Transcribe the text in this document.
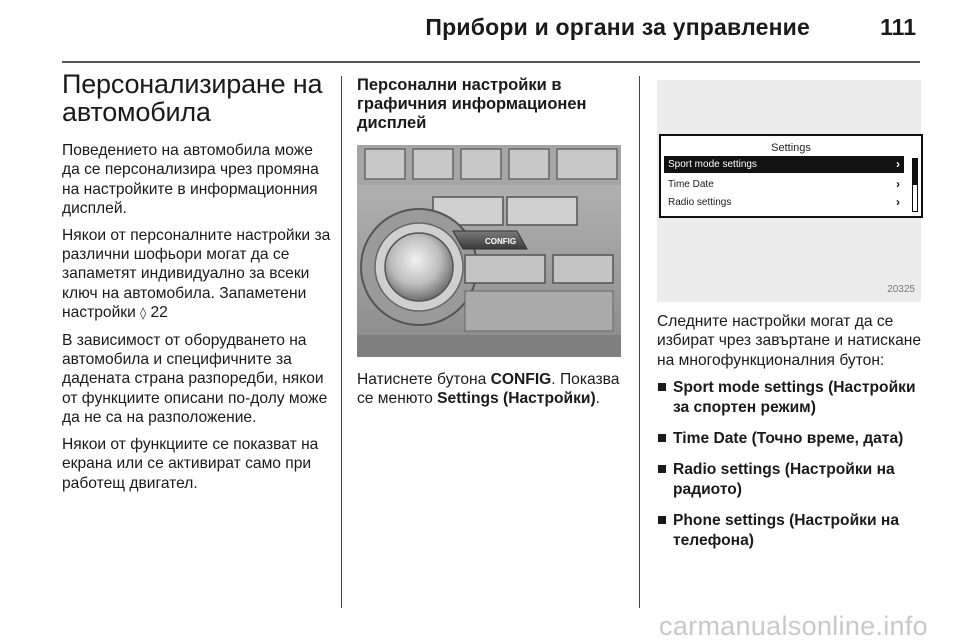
Прибори и органи за управление	111
Персонализиране на автомобила

Поведението на автомобила може да се персонализира чрез промяна на настройките в информационния дисплей.

Някои от персоналните настройки за различни шофьори могат да се запаметят индивидуално за всеки ключ на автомобила. Запаметени настройки ◊ 22

В зависимост от оборудването на автомобила и специфичните за дадената страна разпоредби, някои от функциите описани по-долу може да не са на разположение.

Някои от функциите се показват на екрана или се активират само при работещ двигател.

Персонални настройки в графичния информационен дисплей
CONFIG

Натиснете бутона CONFIG. Показва се менюто Settings (Настройки).

Settings
Sport mode settings	›
Time Date	›
Radio settings	›
20325

Следните настройки могат да се избират чрез завъртане и натискане на многофункционалния бутон:

Sport mode settings (Настройки за спортен режим)
Time Date (Точно време, дата)
Radio settings (Настройки на радиото)
Phone settings (Настройки на телефона)
carmanualsonline.info
